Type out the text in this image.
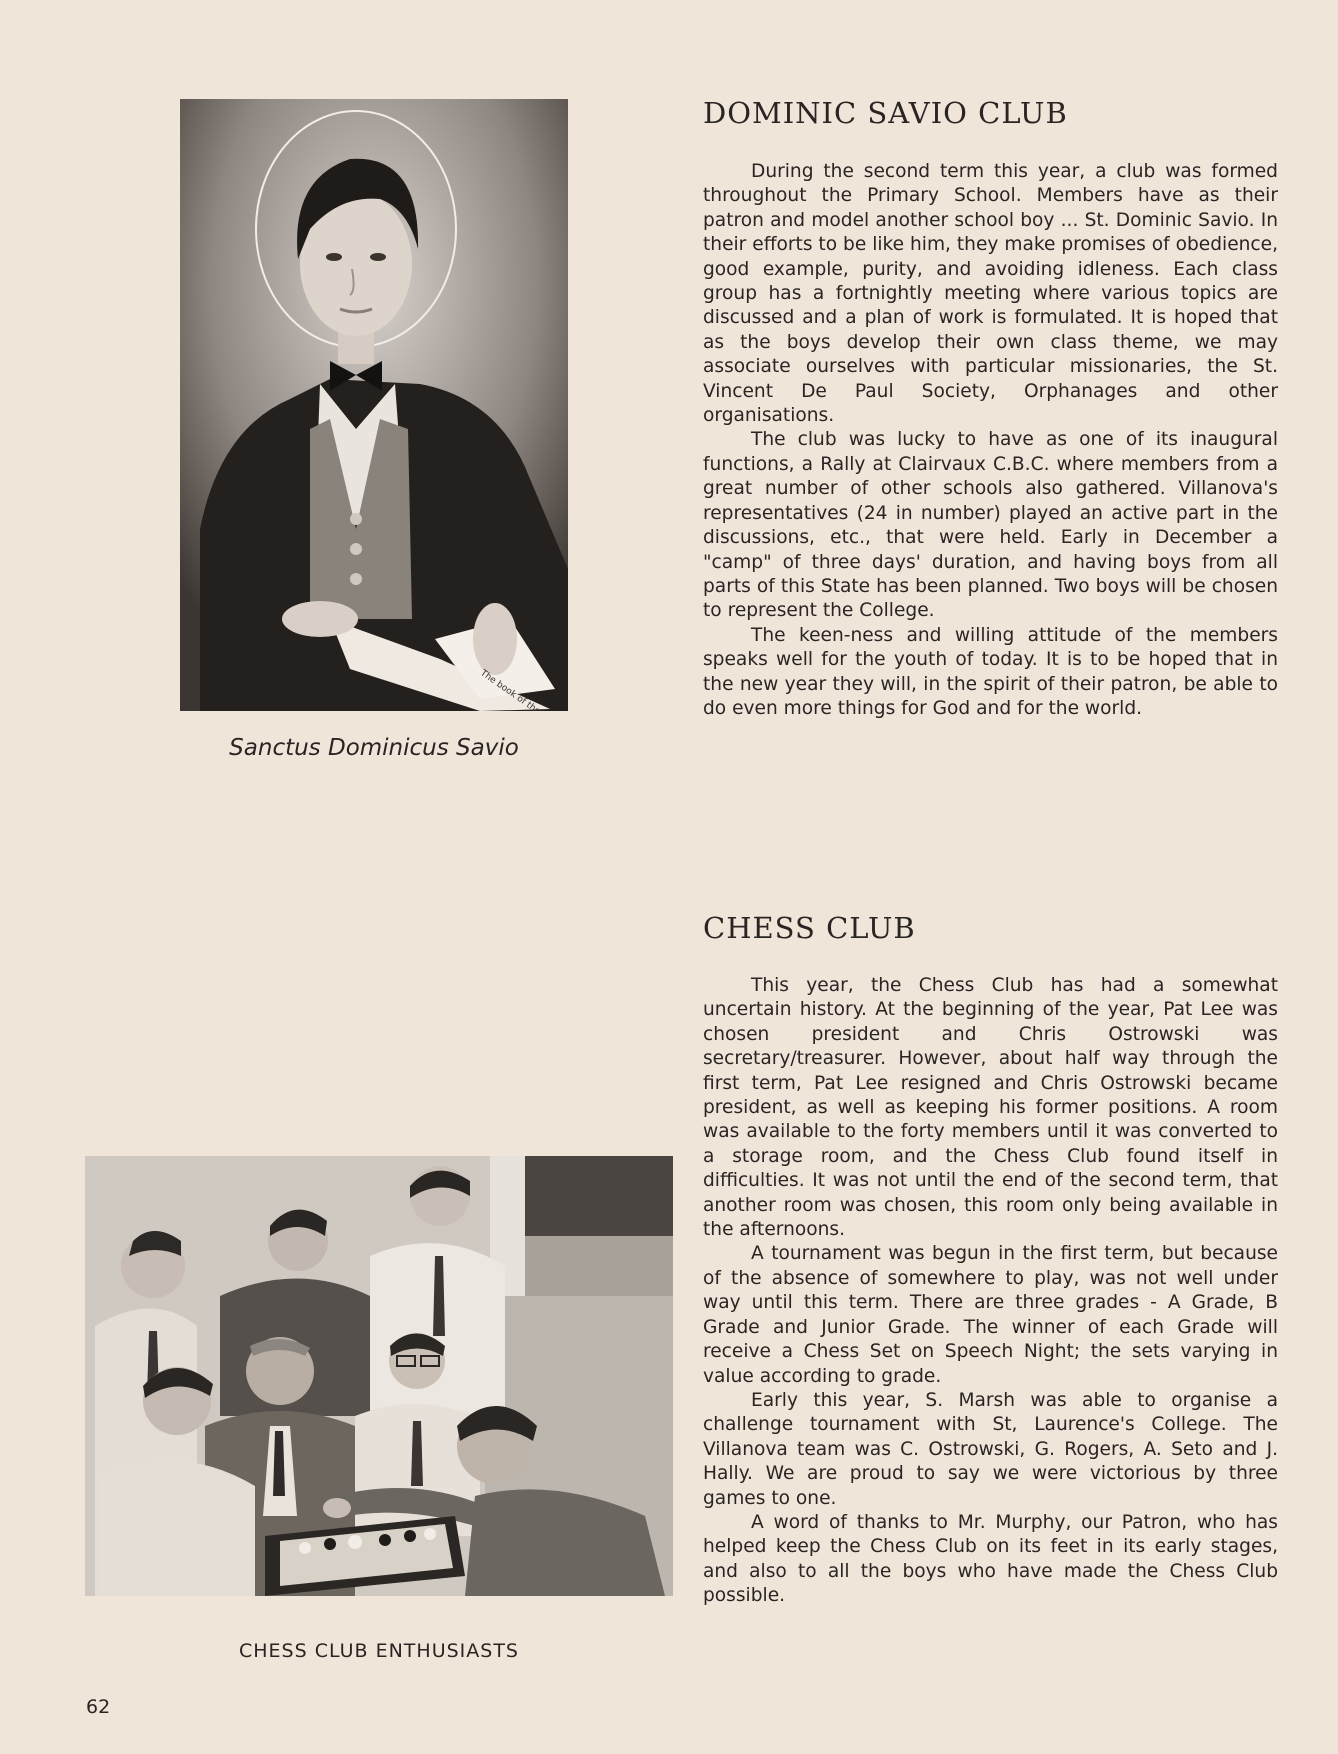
The book of
Sanctus Dominicus Savio
DOMINIC SAVIO CLUB

During the second term this year, a club was formed throughout the Primary School. Members have as their patron and model another school boy ... St. Dominic Savio. In their efforts to be like him, they make promises of obedience, good example, purity, and avoiding idleness. Each class group has a fortnightly meeting where various topics are discussed and a plan of work is formulated. It is hoped that as the boys develop their own class theme, we may associate ourselves with particular missionaries, the St. Vincent De Paul Society, Orphanages and other organisations.

The club was lucky to have as one of its inaugural functions, a Rally at Clairvaux C.B.C. where members from a great number of other schools also gathered. Villanova's representatives (24 in number) played an active part in the discussions, etc., that were held. Early in December a "camp" of three days' duration, and having boys from all parts of this State has been planned. Two boys will be chosen to represent the College.

The keen-ness and willing attitude of the members speaks well for the youth of today. It is to be hoped that in the new year they will, in the spirit of their patron, be able to do even more things for God and for the world.

CHESS CLUB

This year, the Chess Club has had a somewhat uncertain history. At the beginning of the year, Pat Lee was chosen president and Chris Ostrowski was secretary/treasurer. However, about half way through the first term, Pat Lee resigned and Chris Ostrowski became president, as well as keeping his former positions. A room was available to the forty members until it was converted to a storage room, and the Chess Club found itself in difficulties. It was not until the end of the second term, that another room was chosen, this room only being available in the afternoons.

A tournament was begun in the first term, but because of the absence of somewhere to play, was not well under way until this term. There are three grades - A Grade, B Grade and Junior Grade. The winner of each Grade will receive a Chess Set on Speech Night; the sets varying in value according to grade.

Early this year, S. Marsh was able to organise a challenge tournament with St, Laurence's College. The Villanova team was C. Ostrowski, G. Rogers, A. Seto and J. Hally. We are proud to say we were victorious by three games to one.

A word of thanks to Mr. Murphy, our Patron, who has helped keep the Chess Club on its feet in its early stages, and also to all the boys who have made the Chess Club possible.

CHESS CLUB ENTHUSIASTS
62
